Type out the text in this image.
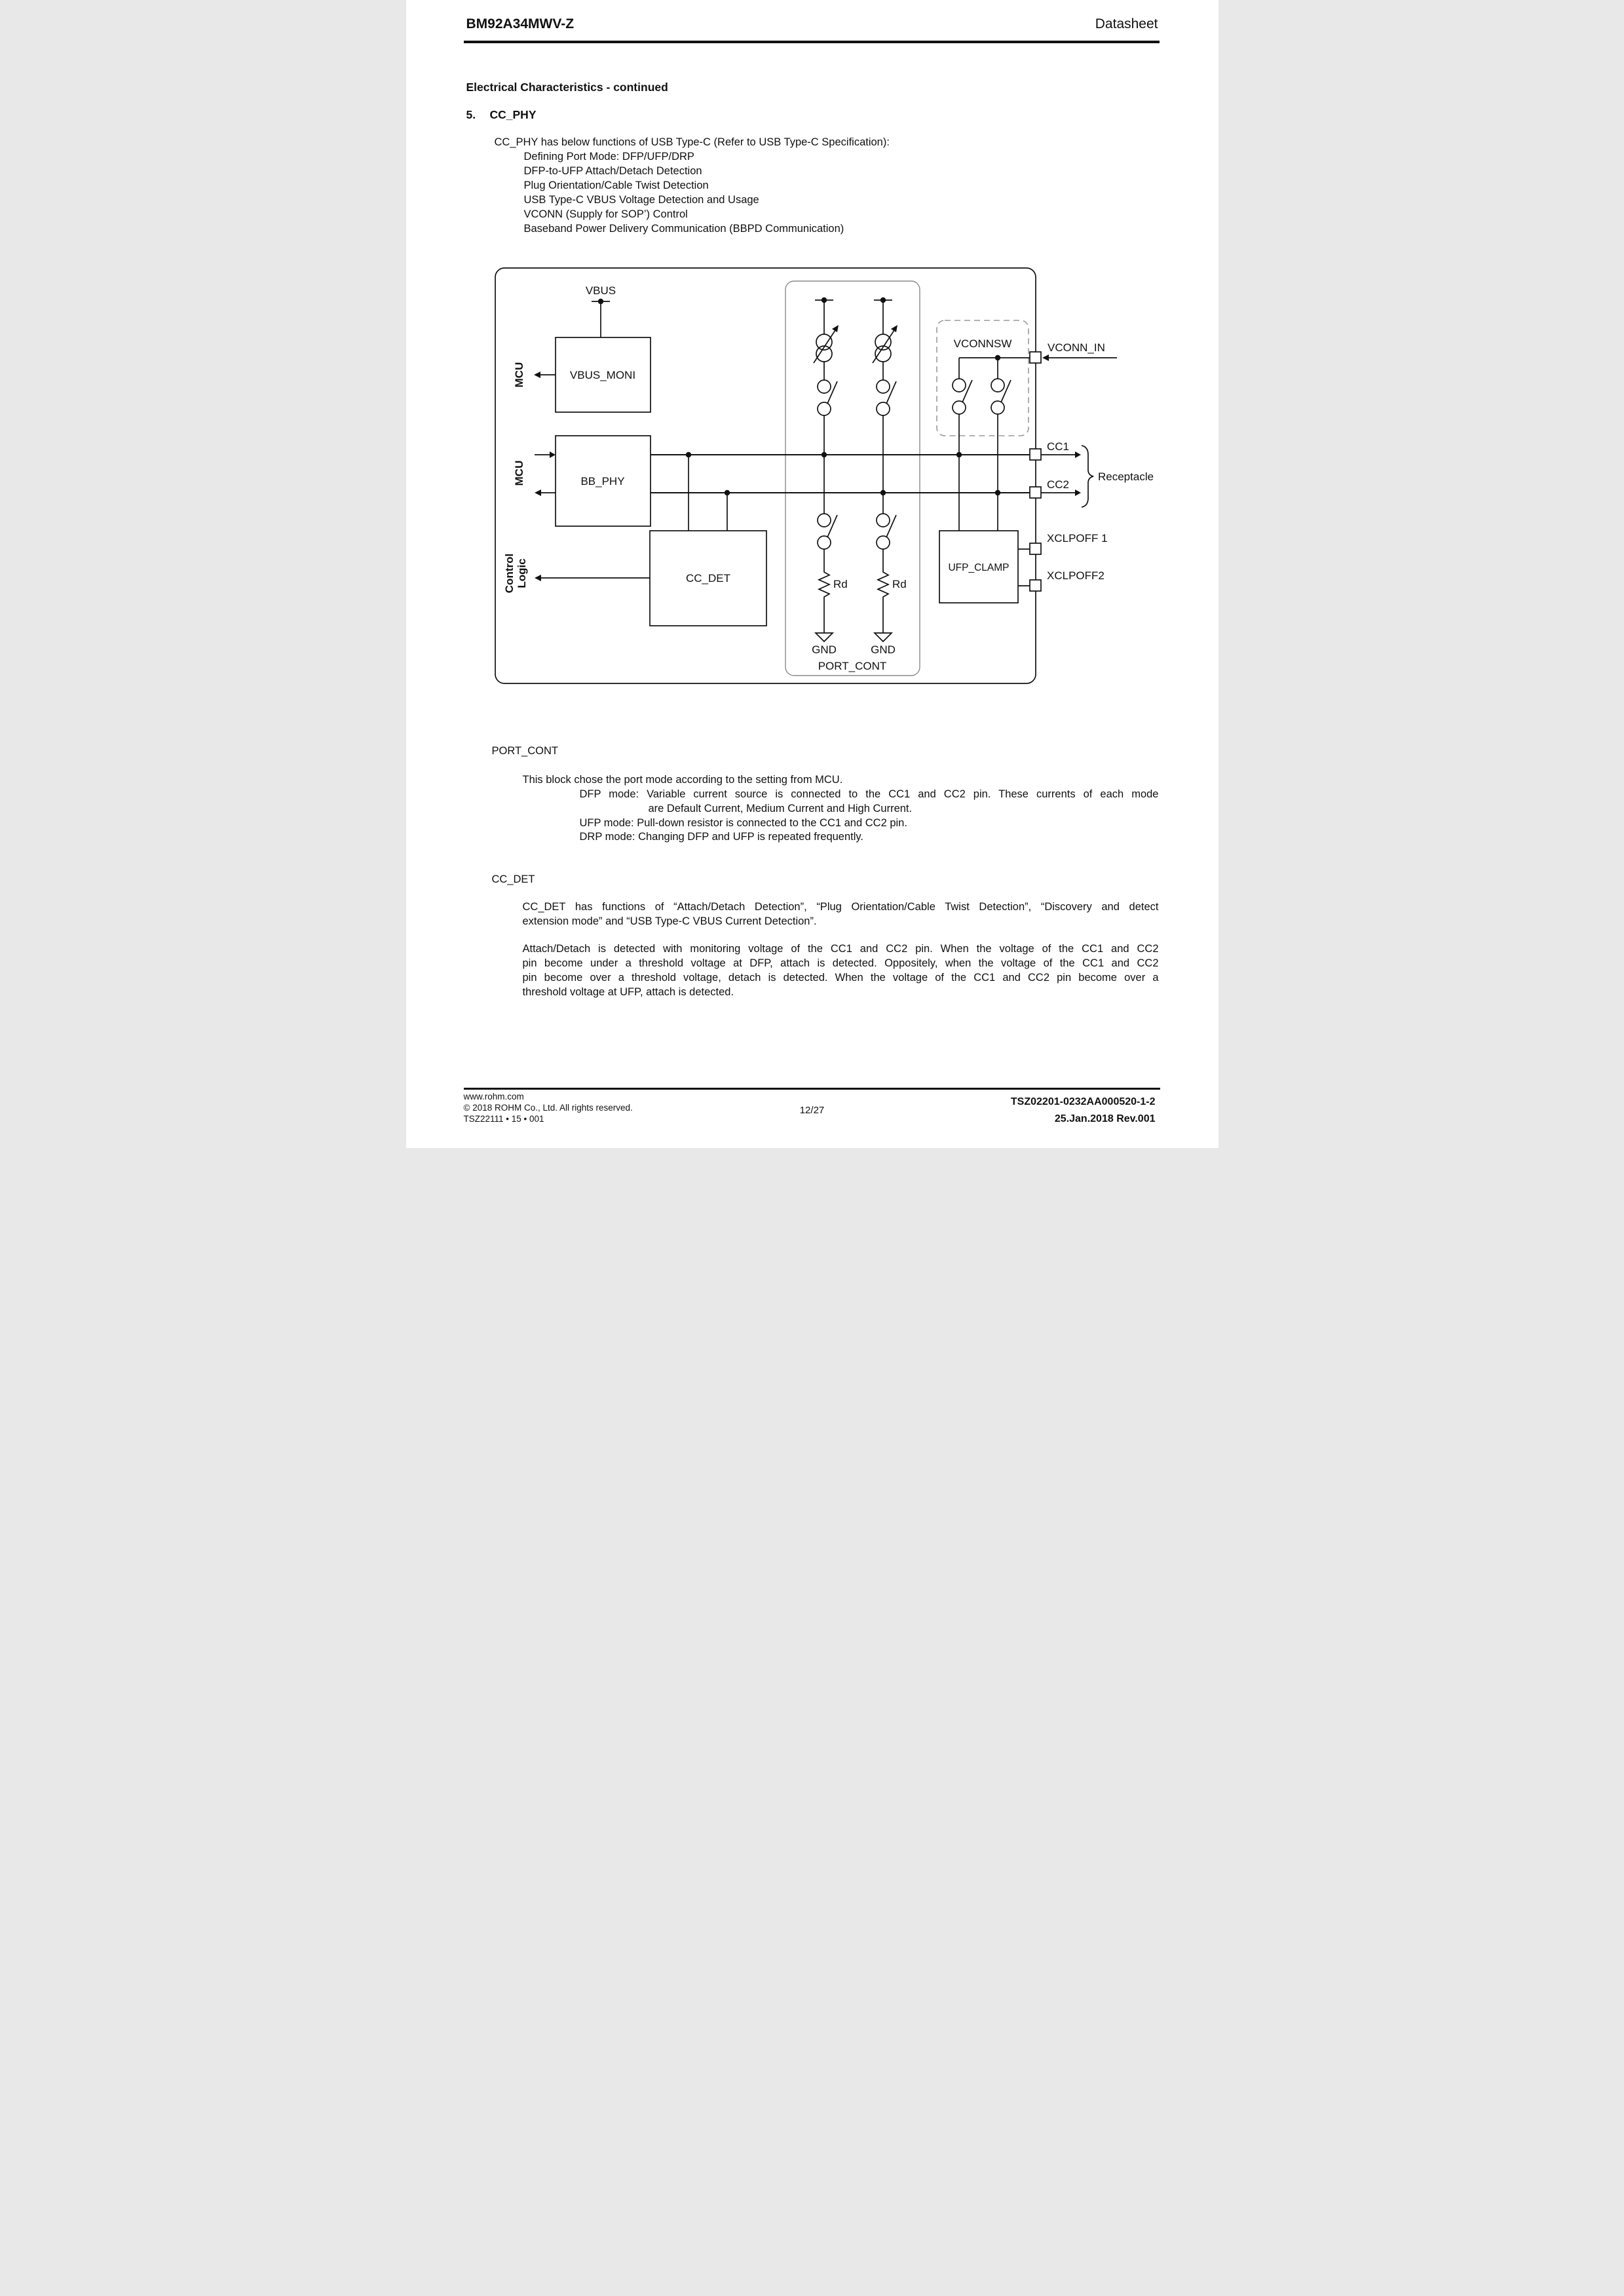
BM92A34MWV-Z	Datasheet
Electrical Characteristics - continued
5. CC_PHY
CC_PHY has below functions of USB Type-C (Refer to USB Type-C Specification):
Defining Port Mode: DFP/UFP/DRP
DFP-to-UFP Attach/Detach Detection
Plug Orientation/Cable Twist Detection
USB Type-C VBUS Voltage Detection and Usage
VCONN (Supply for SOP’) Control
Baseband Power Delivery Communication (BBPD Communication)
VBUS
VBUS_MONI
MCU
BB_PHY
MCU
CC_DET
Control Logic	Rd
GND
Rd
GND
PORT_CONT
VCONNSW
UFP_CLAMP
VCONN_IN
CC1
CC2
XCLPOFF 1
XCLPOFF2
Receptacle
PORT_CONT
This block chose the port mode according to the setting from MCU.
DFP mode: Variable current source is connected to the CC1 and CC2 pin. These currents of each mode
are Default Current, Medium Current and High Current.
UFP mode: Pull-down resistor is connected to the CC1 and CC2 pin.
DRP mode: Changing DFP and UFP is repeated frequently.
CC_DET
CC_DET has functions of “Attach/Detach Detection”, “Plug Orientation/Cable Twist Detection”, “Discovery and detect
extension mode” and “USB Type-C VBUS Current Detection”.
Attach/Detach is detected with monitoring voltage of the CC1 and CC2 pin. When the voltage of the CC1 and CC2
pin become under a threshold voltage at DFP, attach is detected. Oppositely, when the voltage of the CC1 and CC2
pin become over a threshold voltage, detach is detected. When the voltage of the CC1 and CC2 pin become over a
threshold voltage at UFP, attach is detected.
www.rohm.com
© 2018 ROHM Co., Ltd. All rights reserved.
TSZ22111 • 15 • 001
12/27
TSZ02201-0232AA000520-1-2
25.Jan.2018 Rev.001
